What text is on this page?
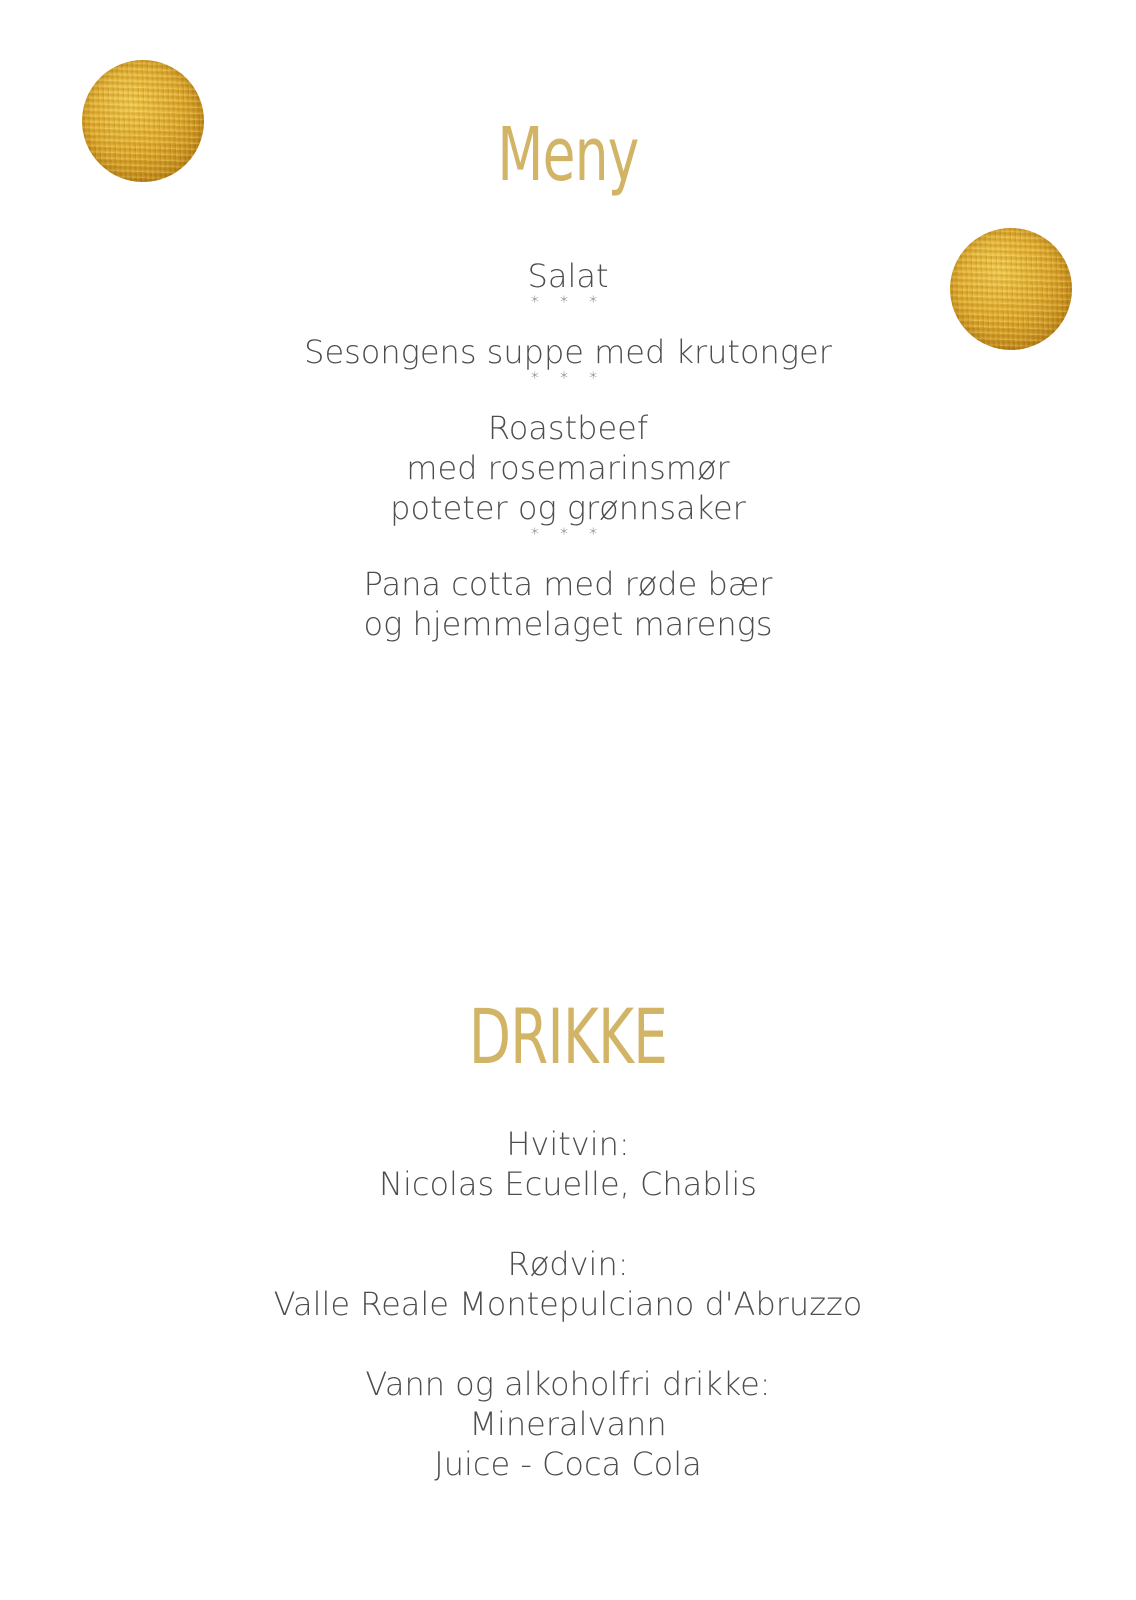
Meny
Salat
* * *
Sesongens suppe med krutonger
* * *
Roastbeef
med rosemarinsmør
poteter og grønnsaker
* * *
Pana cotta med røde bær
og hjemmelaget marengs
DRIKKE
Hvitvin:
Nicolas Ecuelle, Chablis
Rødvin:
Valle Reale Montepulciano d'Abruzzo
Vann og alkoholfri drikke:
Mineralvann
Juice - Coca Cola
